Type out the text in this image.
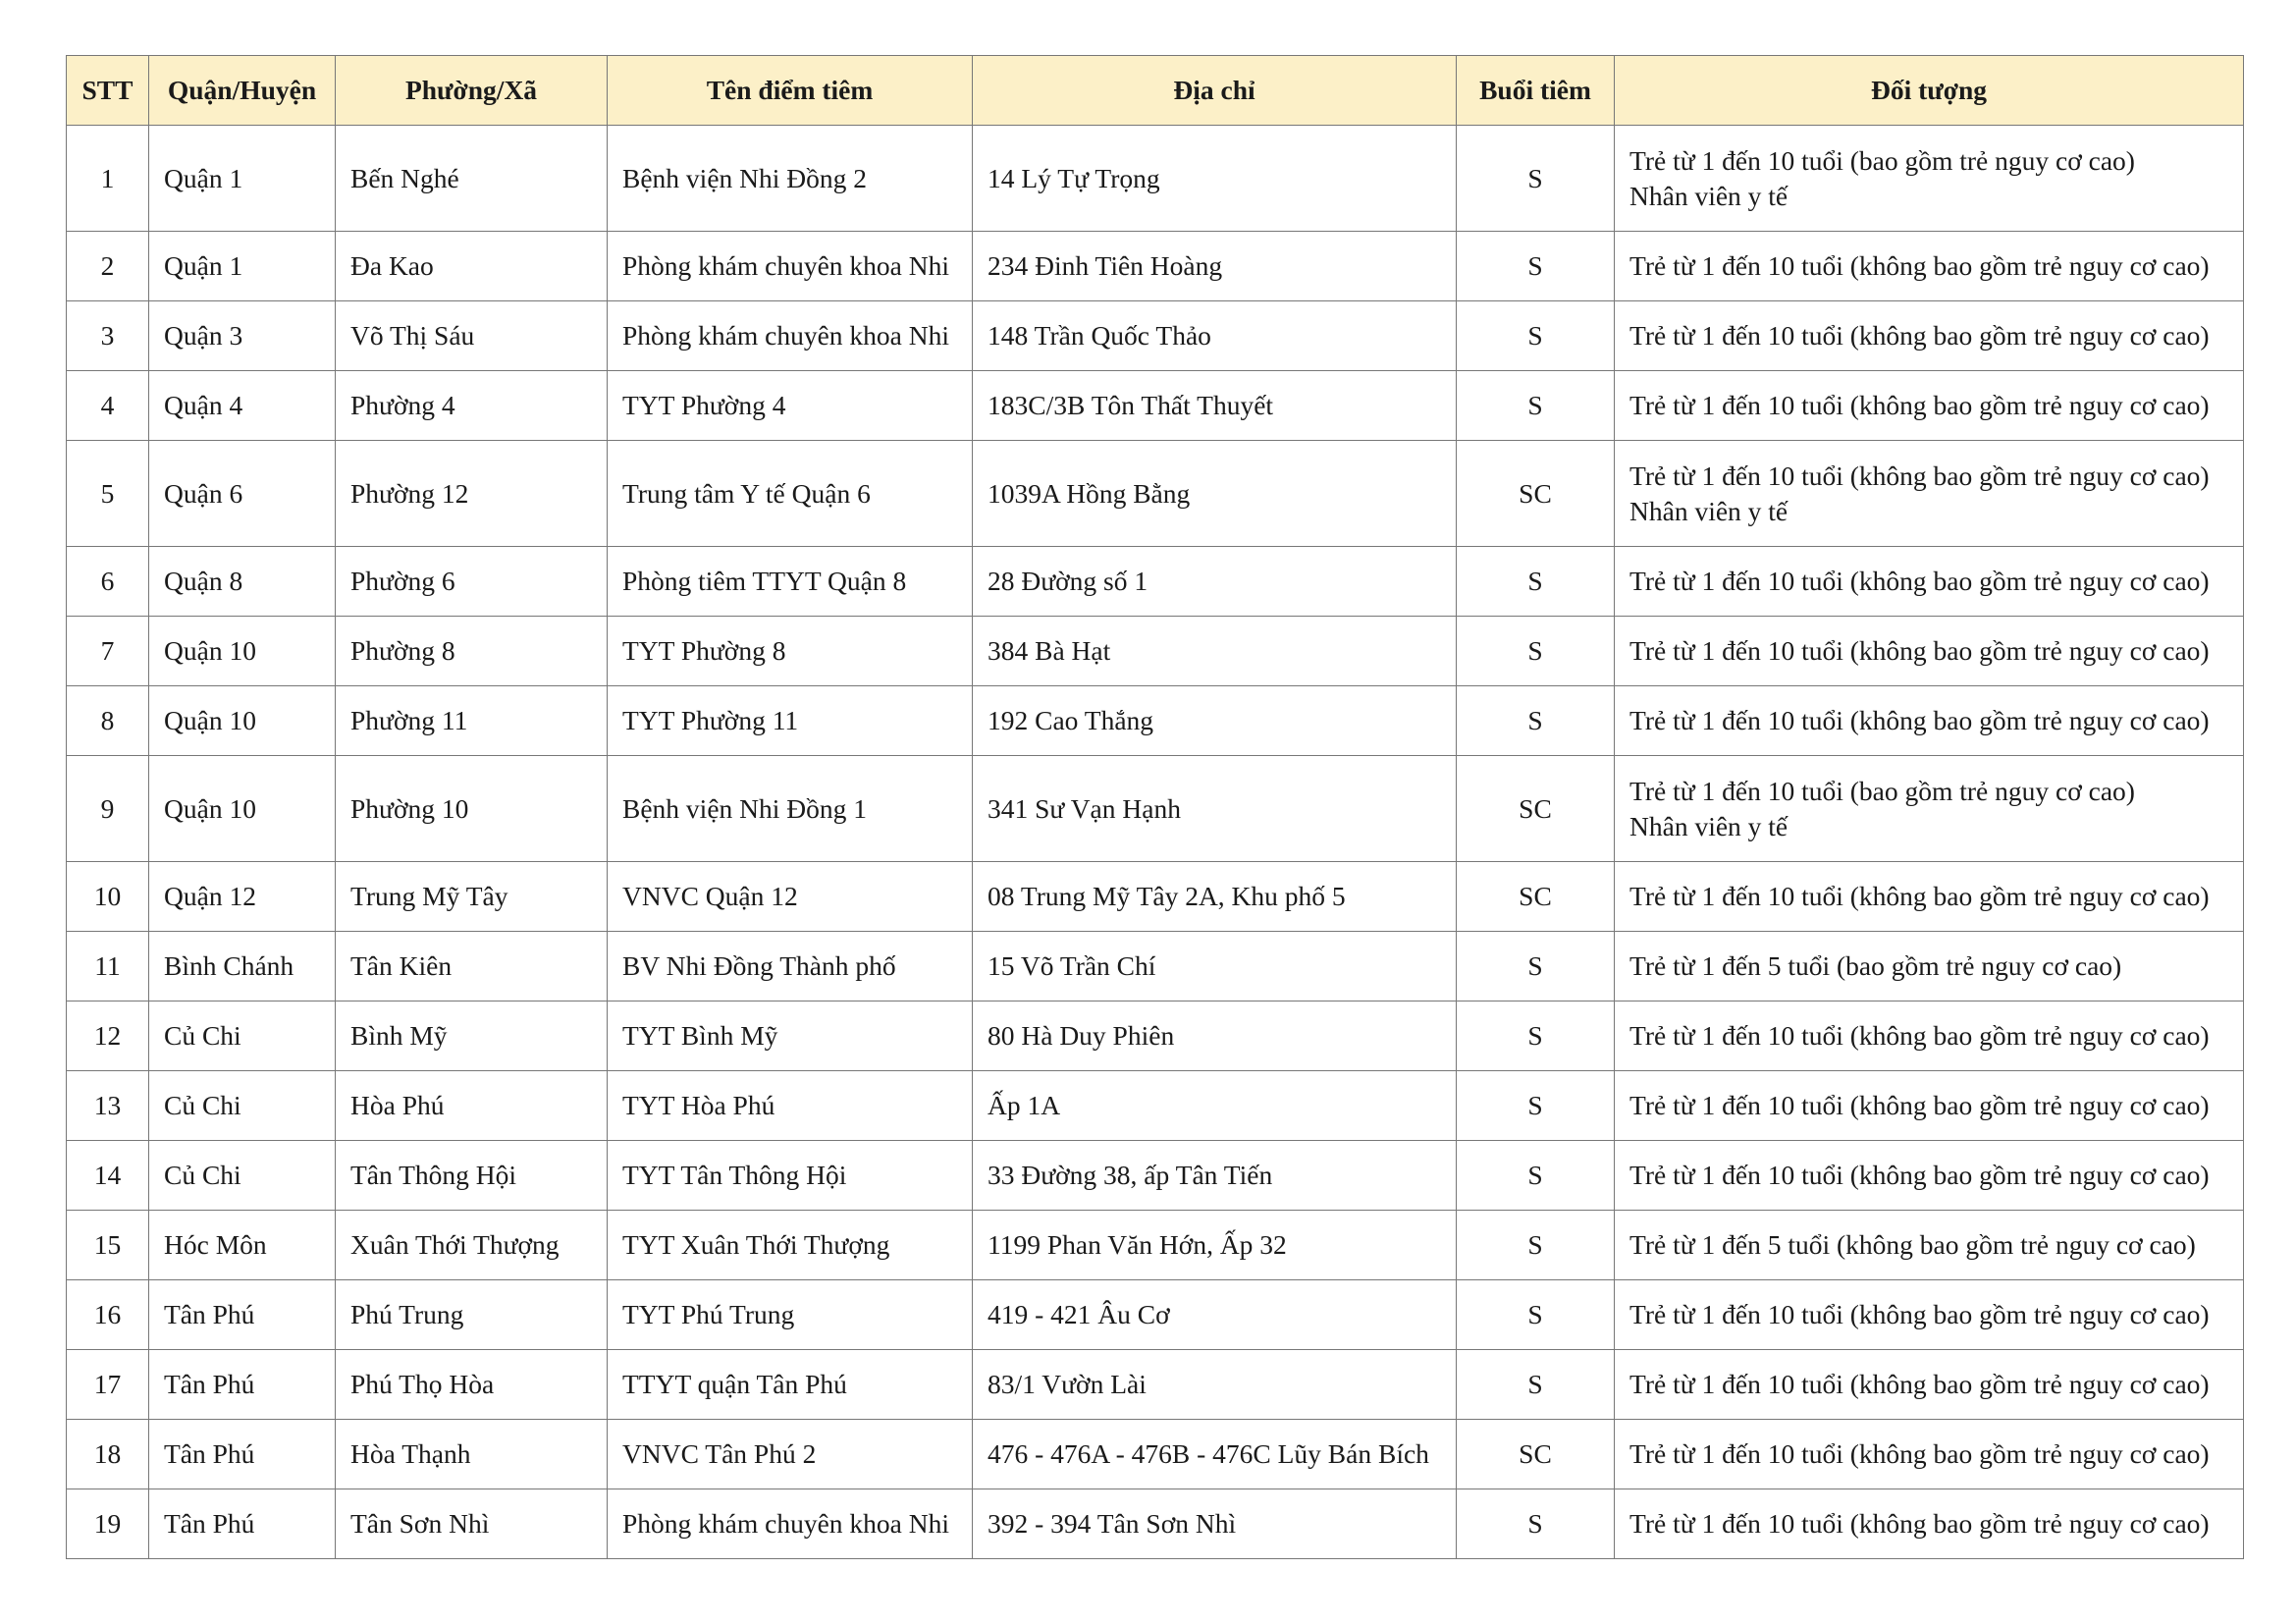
STT	Quận/Huyện	Phường/Xã	Tên điểm tiêm	Địa chỉ	Buổi tiêm	Đối tượng
1	Quận 1	Bến Nghé	Bệnh viện Nhi Đồng 2	14 Lý Tự Trọng	S	Trẻ từ 1 đến 10 tuổi (bao gồm trẻ nguy cơ cao)
Nhân viên y tế

2	Quận 1	Đa Kao	Phòng khám chuyên khoa Nhi	234 Đinh Tiên Hoàng	S	Trẻ từ 1 đến 10 tuổi (không bao gồm trẻ nguy cơ cao)

3	Quận 3	Võ Thị Sáu	Phòng khám chuyên khoa Nhi	148 Trần Quốc Thảo	S	Trẻ từ 1 đến 10 tuổi (không bao gồm trẻ nguy cơ cao)

4	Quận 4	Phường 4	TYT Phường 4	183C/3B Tôn Thất Thuyết	S	Trẻ từ 1 đến 10 tuổi (không bao gồm trẻ nguy cơ cao)

5	Quận 6	Phường 12	Trung tâm Y tế Quận 6	1039A Hồng Bằng	SC	Trẻ từ 1 đến 10 tuổi (không bao gồm trẻ nguy cơ cao)
Nhân viên y tế

6	Quận 8	Phường 6	Phòng tiêm TTYT Quận 8	28 Đường số 1	S	Trẻ từ 1 đến 10 tuổi (không bao gồm trẻ nguy cơ cao)

7	Quận 10	Phường 8	TYT Phường 8	384 Bà Hạt	S	Trẻ từ 1 đến 10 tuổi (không bao gồm trẻ nguy cơ cao)

8	Quận 10	Phường 11	TYT Phường 11	192 Cao Thắng	S	Trẻ từ 1 đến 10 tuổi (không bao gồm trẻ nguy cơ cao)

9	Quận 10	Phường 10	Bệnh viện Nhi Đồng 1	341 Sư Vạn Hạnh	SC	Trẻ từ 1 đến 10 tuổi (bao gồm trẻ nguy cơ cao)
Nhân viên y tế

10	Quận 12	Trung Mỹ Tây	VNVC Quận 12	08 Trung Mỹ Tây 2A, Khu phố 5	SC	Trẻ từ 1 đến 10 tuổi (không bao gồm trẻ nguy cơ cao)

11	Bình Chánh	Tân Kiên	BV Nhi Đồng Thành phố	15 Võ Trần Chí	S	Trẻ từ 1 đến 5 tuổi (bao gồm trẻ nguy cơ cao)

12	Củ Chi	Bình Mỹ	TYT Bình Mỹ	80 Hà Duy Phiên	S	Trẻ từ 1 đến 10 tuổi (không bao gồm trẻ nguy cơ cao)

13	Củ Chi	Hòa Phú	TYT Hòa Phú	Ấp 1A	S	Trẻ từ 1 đến 10 tuổi (không bao gồm trẻ nguy cơ cao)

14	Củ Chi	Tân Thông Hội	TYT Tân Thông Hội	33 Đường 38, ấp Tân Tiến	S	Trẻ từ 1 đến 10 tuổi (không bao gồm trẻ nguy cơ cao)

15	Hóc Môn	Xuân Thới Thượng	TYT Xuân Thới Thượng	1199 Phan Văn Hớn, Ấp 32	S	Trẻ từ 1 đến 5 tuổi (không bao gồm trẻ nguy cơ cao)

16	Tân Phú	Phú Trung	TYT Phú Trung	419 - 421 Âu Cơ	S	Trẻ từ 1 đến 10 tuổi (không bao gồm trẻ nguy cơ cao)

17	Tân Phú	Phú Thọ Hòa	TTYT quận Tân Phú	83/1 Vườn Lài	S	Trẻ từ 1 đến 10 tuổi (không bao gồm trẻ nguy cơ cao)

18	Tân Phú	Hòa Thạnh	VNVC Tân Phú 2	476 - 476A - 476B - 476C Lũy Bán Bích	SC	Trẻ từ 1 đến 10 tuổi (không bao gồm trẻ nguy cơ cao)

19	Tân Phú	Tân Sơn Nhì	Phòng khám chuyên khoa Nhi	392 - 394 Tân Sơn Nhì	S	Trẻ từ 1 đến 10 tuổi (không bao gồm trẻ nguy cơ cao)
